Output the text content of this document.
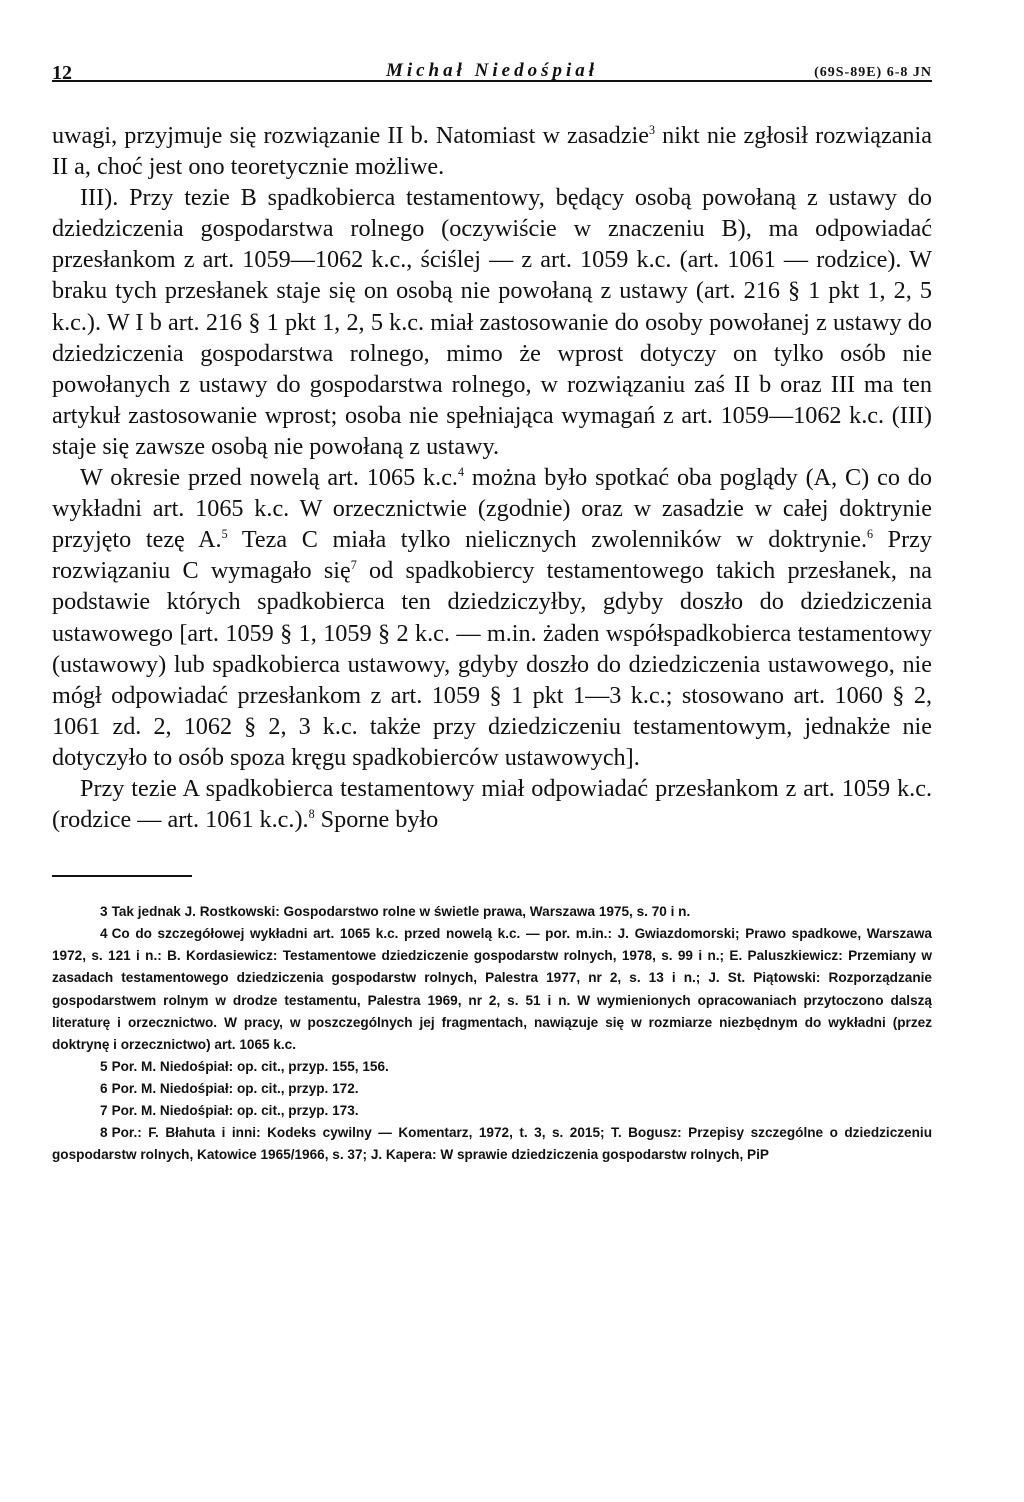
12	Michał Niedośpiał	(69S-89E) 6-8 JN

uwagi, przyjmuje się rozwiązanie II b. Natomiast w zasadzie$^3$ nikt nie zgłosił rozwiązania II a, choć jest ono teoretycznie możliwe.

III). Przy tezie B spadkobierca testamentowy, będący osobą powołaną z ustawy do dziedziczenia gospodarstwa rolnego (oczywiście w znaczeniu B), ma odpowiadać przesłankom z art. 1059—1062 k.c., ściślej — z art. 1059 k.c. (art. 1061 — rodzice). W braku tych przesłanek staje się on osobą nie powołaną z ustawy (art. 216 § 1 pkt 1, 2, 5 k.c.). W I b art. 216 § 1 pkt 1, 2, 5 k.c. miał zastosowanie do osoby powołanej z ustawy do dziedziczenia gospodarstwa rolnego, mimo że wprost dotyczy on tylko osób nie powołanych z ustawy do gospodarstwa rolnego, w rozwiązaniu zaś II b oraz III ma ten artykuł zastosowanie wprost; osoba nie spełniająca wymagań z art. 1059—1062 k.c. (III) staje się zawsze osobą nie powołaną z ustawy.

W okresie przed nowelą art. 1065 k.c.$^4$ można było spotkać oba poglądy (A, C) co do wykładni art. 1065 k.c. W orzecznictwie (zgodnie) oraz w zasadzie w całej doktrynie przyjęto tezę A.$^5$ Teza C miała tylko nielicznych zwolenników w doktrynie.$^6$ Przy rozwiązaniu C wymagało się$^7$ od spadkobiercy testamentowego takich przesłanek, na podstawie których spadkobierca ten dziedziczyłby, gdyby doszło do dziedziczenia ustawowego [art. 1059 § 1, 1059 § 2 k.c. — m.in. żaden współspadkobierca testamentowy (ustawowy) lub spadkobierca ustawowy, gdyby doszło do dziedziczenia ustawowego, nie mógł odpowiadać przesłankom z art. 1059 § 1 pkt 1—3 k.c.; stosowano art. 1060 § 2, 1061 zd. 2, 1062 § 2, 3 k.c. także przy dziedziczeniu testamentowym, jednakże nie dotyczyło to osób spoza kręgu spadkobierców ustawowych].

Przy tezie A spadkobierca testamentowy miał odpowiadać przesłankom z art. 1059 k.c. (rodzice — art. 1061 k.c.).$^8$ Sporne było

3 Tak jednak J. Rostkowski: Gospodarstwo rolne w świetle prawa, Warszawa 1975, s. 70 i n.

4 Co do szczegółowej wykładni art. 1065 k.c. przed nowelą k.c. — por. m.in.: J. Gwiazdomorski; Prawo spadkowe, Warszawa 1972, s. 121 i n.: B. Kordasiewicz: Testamentowe dziedziczenie gospodarstw rolnych, 1978, s. 99 i n.; E. Paluszkiewicz: Przemiany w zasadach testamentowego dziedziczenia gospodarstw rolnych, Palestra 1977, nr 2, s. 13 i n.; J. St. Piątowski: Rozporządzanie gospodarstwem rolnym w drodze testamentu, Palestra 1969, nr 2, s. 51 i n. W wymienionych opracowaniach przytoczono dalszą literaturę i orzecznictwo. W pracy, w poszczególnych jej fragmentach, nawiązuje się w rozmiarze niezbędnym do wykładni (przez doktrynę i orzecznictwo) art. 1065 k.c.

5 Por. M. Niedośpiał: op. cit., przyp. 155, 156.

6 Por. M. Niedośpiał: op. cit., przyp. 172.

7 Por. M. Niedośpiał: op. cit., przyp. 173.

8 Por.: F. Błahuta i inni: Kodeks cywilny — Komentarz, 1972, t. 3, s. 2015; T. Bogusz: Przepisy szczególne o dziedziczeniu gospodarstw rolnych, Katowice 1965/1966, s. 37; J. Kapera: W sprawie dziedziczenia gospodarstw rolnych, PiP
